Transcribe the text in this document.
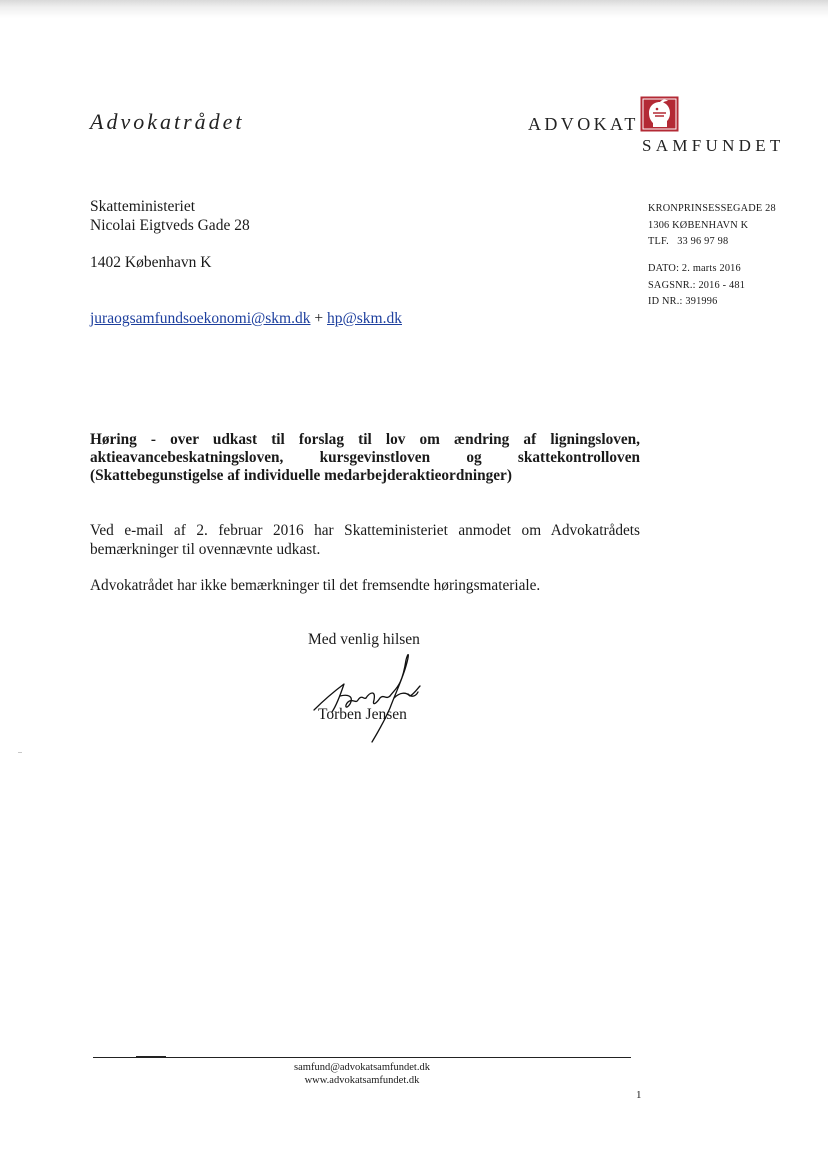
Advokatrådet	ADVOKAT
SAMFUNDET
Skatteministeriet
Nicolai Eigtveds Gade 28
1402 København K
juraogsamfundsoekonomi@skm.dk + hp@skm.dk
KRONPRINSESSEGADE 28
1306 KØBENHAVN K
TLF. 33 96 97 98
DATO: 2. marts 2016
SAGSNR.: 2016 - 481
ID NR.: 391996
Høring - over udkast til forslag til lov om ændring af ligningsloven,
aktieavancebeskatningsloven, kursgevinstloven og skattekontrolloven
(Skattebegunstigelse af individuelle medarbejderaktieordninger)
Ved e-mail af 2. februar 2016 har Skatteministeriet anmodet om Advokatrådets
bemærkninger til ovennævnte udkast.
Advokatrådet har ikke bemærkninger til det fremsendte høringsmateriale.
Med venlig hilsen
Torben Jensen
samfund@advokatsamfundet.dk
www.advokatsamfundet.dk
1
